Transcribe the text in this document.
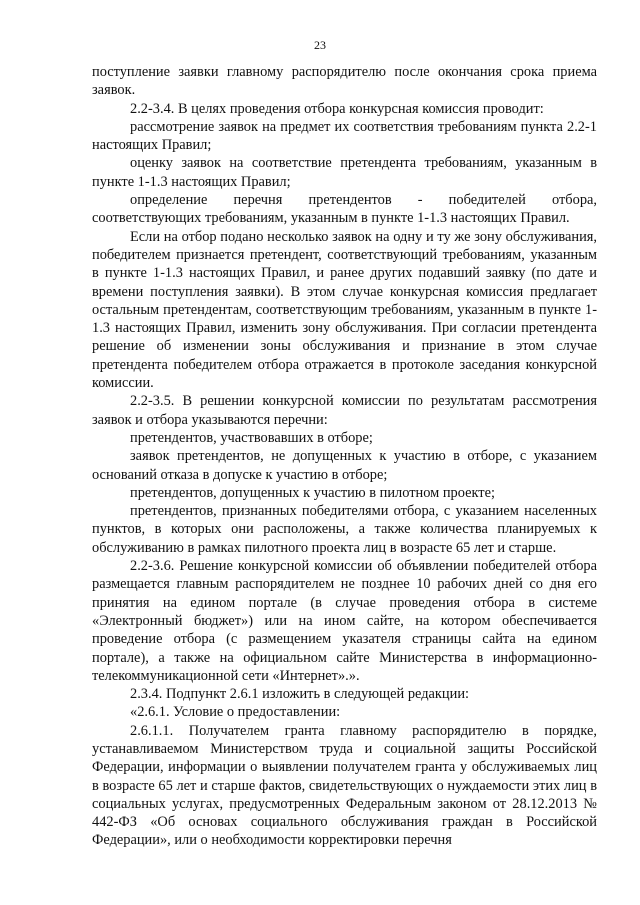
23

поступление заявки главному распорядителю после окончания срока приема заявок.

2.2-3.4. В целях проведения отбора конкурсная комиссия проводит:

рассмотрение заявок на предмет их соответствия требованиям пункта 2.2-1 настоящих Правил;

оценку заявок на соответствие претендента требованиям, указанным в пункте 1-1.3 настоящих Правил;

определение перечня претендентов - победителей отбора, соответствующих требованиям, указанным в пункте 1-1.3 настоящих Правил.

Если на отбор подано несколько заявок на одну и ту же зону обслуживания, победителем признается претендент, соответствующий требованиям, указанным в пункте 1-1.3 настоящих Правил, и ранее других подавший заявку (по дате и времени поступления заявки). В этом случае конкурсная комиссия предлагает остальным претендентам, соответствующим требованиям, указанным в пункте 1-1.3 настоящих Правил, изменить зону обслуживания. При согласии претендента решение об изменении зоны обслуживания и признание в этом случае претендента победителем отбора отражается в протоколе заседания конкурсной комиссии.

2.2-3.5. В решении конкурсной комиссии по результатам рассмотрения заявок и отбора указываются перечни:

претендентов, участвовавших в отборе;

заявок претендентов, не допущенных к участию в отборе, с указанием оснований отказа в допуске к участию в отборе;

претендентов, допущенных к участию в пилотном проекте;

претендентов, признанных победителями отбора, с указанием населенных пунктов, в которых они расположены, а также количества планируемых к обслуживанию в рамках пилотного проекта лиц в возрасте 65 лет и старше.

2.2-3.6. Решение конкурсной комиссии об объявлении победителей отбора размещается главным распорядителем не позднее 10 рабочих дней со дня его принятия на едином портале (в случае проведения отбора в системе «Электронный бюджет») или на ином сайте, на котором обеспечивается проведение отбора (с размещением указателя страницы сайта на едином портале), а также на официальном сайте Министерства в информационно-телекоммуникационной сети «Интернет».».

2.3.4. Подпункт 2.6.1 изложить в следующей редакции:

«2.6.1. Условие о предоставлении:

2.6.1.1. Получателем гранта главному распорядителю в порядке, устанавливаемом Министерством труда и социальной защиты Российской Федерации, информации о выявлении получателем гранта у обслуживаемых лиц в возрасте 65 лет и старше фактов, свидетельствующих о нуждаемости этих лиц в социальных услугах, предусмотренных Федеральным законом от 28.12.2013 № 442-ФЗ «Об основах социального обслуживания граждан в Российской Федерации», или о необходимости корректировки перечня
